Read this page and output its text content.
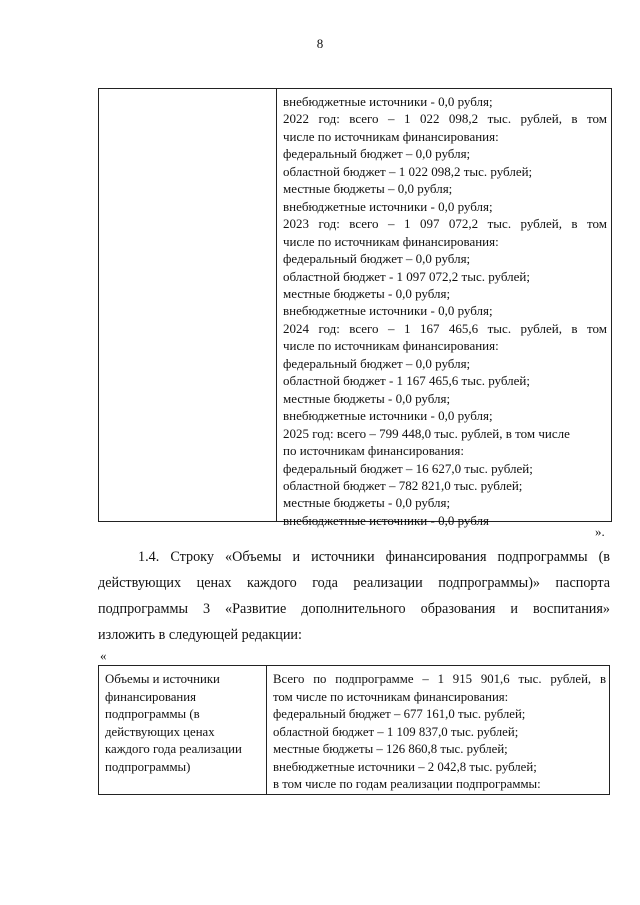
8
внебюджетные источники - 0,0 рубля;
2022 год: всего – 1 022 098,2 тыс. рублей, в том
числе по источникам финансирования:
федеральный бюджет – 0,0 рубля;
областной бюджет – 1 022 098,2 тыс. рублей;
местные бюджеты – 0,0 рубля;
внебюджетные источники - 0,0 рубля;
2023 год: всего – 1 097 072,2 тыс. рублей, в том
числе по источникам финансирования:
федеральный бюджет – 0,0 рубля;
областной бюджет - 1 097 072,2 тыс. рублей;
местные бюджеты - 0,0 рубля;
внебюджетные источники - 0,0 рубля;
2024 год: всего – 1 167 465,6 тыс. рублей, в том
числе по источникам финансирования:
федеральный бюджет – 0,0 рубля;
областной бюджет - 1 167 465,6 тыс. рублей;
местные бюджеты - 0,0 рубля;
внебюджетные источники - 0,0 рубля;
2025 год: всего – 799 448,0 тыс. рублей, в том числе
по источникам финансирования:
федеральный бюджет – 16 627,0 тыс. рублей;
областной бюджет – 782 821,0 тыс. рублей;
местные бюджеты - 0,0 рубля;
внебюджетные источники - 0,0 рубля
».
1.4. Строку «Объемы и источники финансирования подпрограммы (в
действующих ценах каждого года реализации подпрограммы)» паспорта
подпрограммы 3 «Развитие дополнительного образования и воспитания»
изложить в следующей редакции:
«
Объемы и источники
финансирования
подпрограммы (в
действующих ценах
каждого года реализации
подпрограммы)
Всего по подпрограмме – 1 915 901,6 тыс. рублей, в
том числе по источникам финансирования:
федеральный бюджет – 677 161,0 тыс. рублей;
областной бюджет – 1 109 837,0 тыс. рублей;
местные бюджеты – 126 860,8 тыс. рублей;
внебюджетные источники – 2 042,8 тыс. рублей;
в том числе по годам реализации подпрограммы:
